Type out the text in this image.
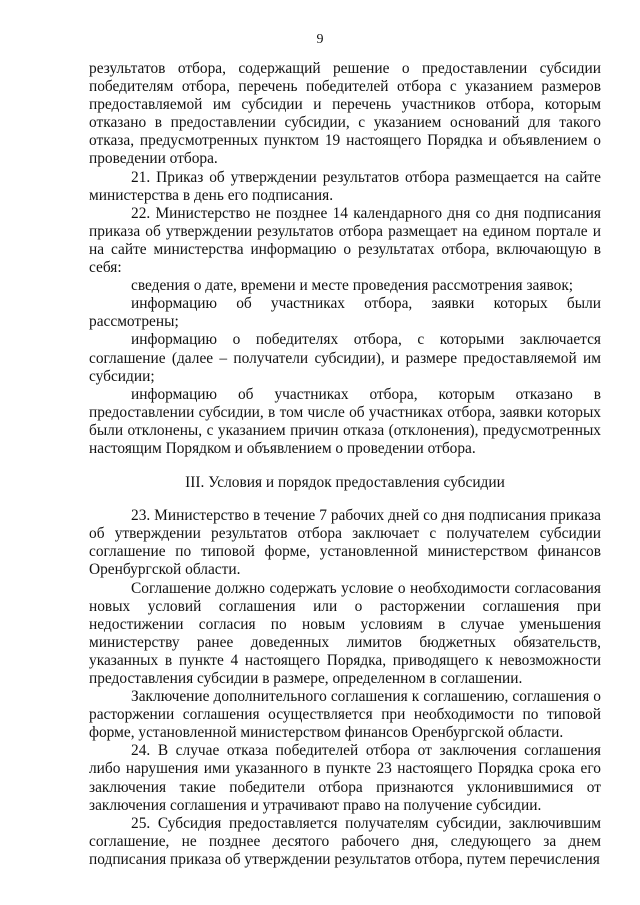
9

результатов отбора, содержащий решение о предоставлении субсидии победителям отбора, перечень победителей отбора с указанием размеров предоставляемой им субсидии и перечень участников отбора, которым отказано в предоставлении субсидии, с указанием оснований для такого отказа, предусмотренных пунктом 19 настоящего Порядка и объявлением о проведении отбора.

21. Приказ об утверждении результатов отбора размещается на сайте министерства в день его подписания.

22. Министерство не позднее 14 календарного дня со дня подписания приказа об утверждении результатов отбора размещает на едином портале и на сайте министерства информацию о результатах отбора, включающую в себя:

сведения о дате, времени и месте проведения рассмотрения заявок;

информацию об участниках отбора, заявки которых были рассмотрены;

информацию о победителях отбора, с которыми заключается соглашение (далее – получатели субсидии), и размере предоставляемой им субсидии;

информацию об участниках отбора, которым отказано в предоставлении субсидии, в том числе об участниках отбора, заявки которых были отклонены, с указанием причин отказа (отклонения), предусмотренных настоящим Порядком и объявлением о проведении отбора.

III. Условия и порядок предоставления субсидии

23. Министерство в течение 7 рабочих дней со дня подписания приказа об утверждении результатов отбора заключает с получателем субсидии соглашение по типовой форме, установленной министерством финансов Оренбургской области.

Соглашение должно содержать условие о необходимости согласования новых условий соглашения или о расторжении соглашения при недостижении согласия по новым условиям в случае уменьшения министерству ранее доведенных лимитов бюджетных обязательств, указанных в пункте 4 настоящего Порядка, приводящего к невозможности предоставления субсидии в размере, определенном в соглашении.

Заключение дополнительного соглашения к соглашению, соглашения о расторжении соглашения осуществляется при необходимости по типовой форме, установленной министерством финансов Оренбургской области.

24. В случае отказа победителей отбора от заключения соглашения либо нарушения ими указанного в пункте 23 настоящего Порядка срока его заключения такие победители отбора признаются уклонившимися от заключения соглашения и утрачивают право на получение субсидии.

25. Субсидия предоставляется получателям субсидии, заключившим соглашение, не позднее десятого рабочего дня, следующего за днем подписания приказа об утверждении результатов отбора, путем перечисления
